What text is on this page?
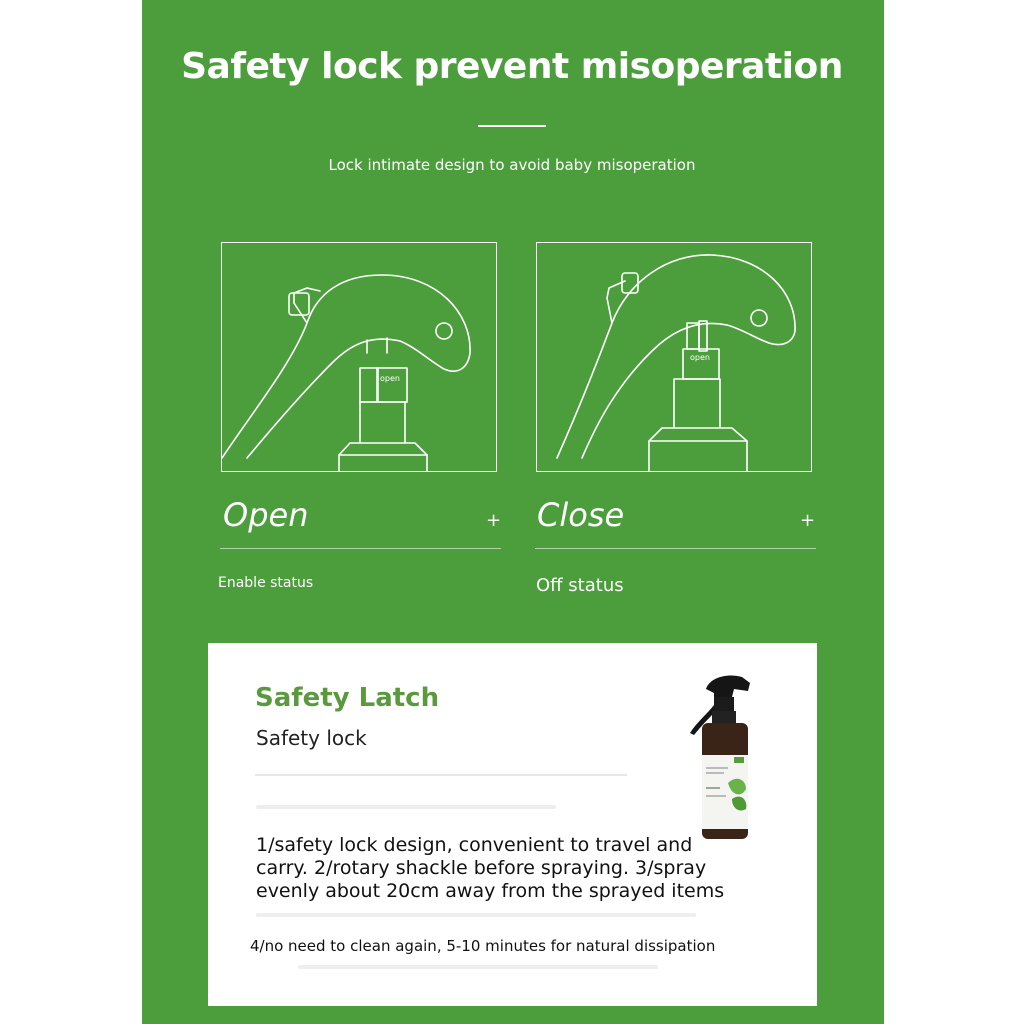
Safety lock prevent misoperation
Lock intimate design to avoid baby misoperation
open
open
Open	+
Enable status
Close	+
Off status
Safety Latch
Safety lock
1/safety lock design, convenient to travel and carry. 2/rotary shackle before spraying. 3/spray evenly about 20cm away from the sprayed items
4/no need to clean again, 5-10 minutes for natural dissipation
